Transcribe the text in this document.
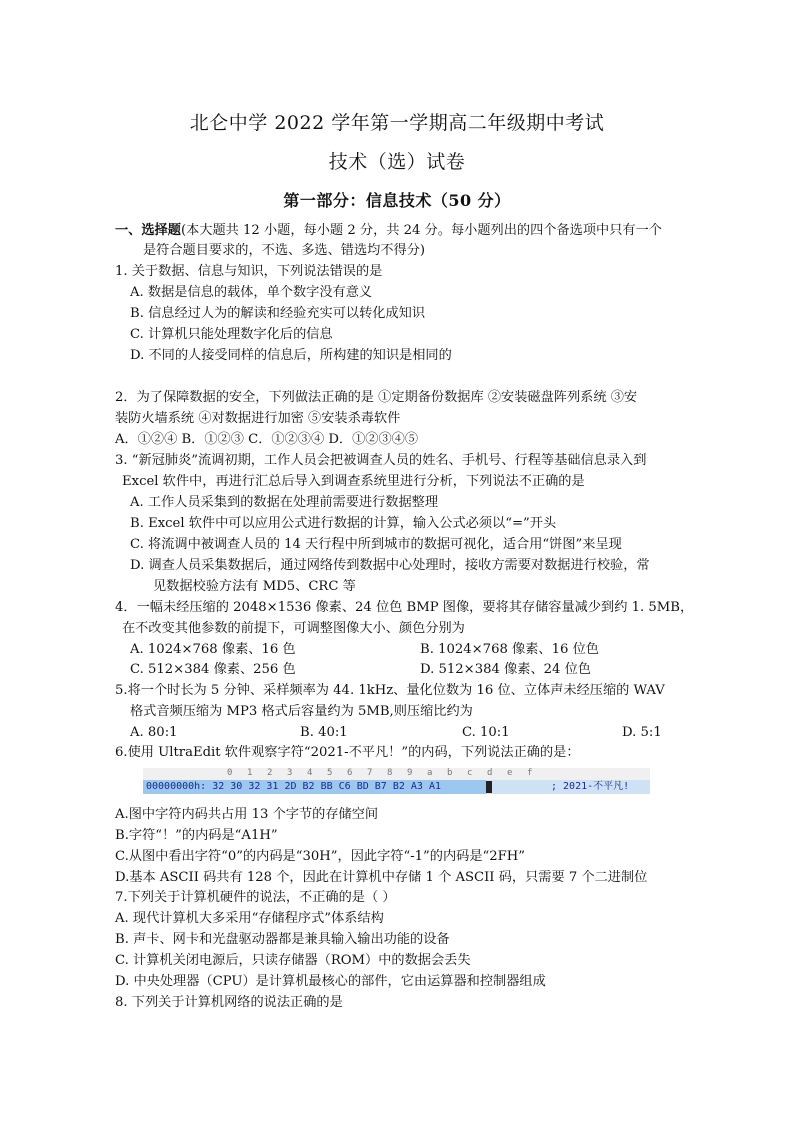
北仑中学 2022 学年第一学期高二年级期中考试
技术（选）试卷
第一部分：信息技术（50 分）
一、选择题(本大题共 12 小题，每小题 2 分，共 24 分。每小题列出的四个备选项中只有一个
是符合题目要求的，不选、多选、错选均不得分)
1. 关于数据、信息与知识，下列说法错误的是
A. 数据是信息的载体，单个数字没有意义
B. 信息经过人为的解读和经验充实可以转化成知识
C. 计算机只能处理数字化后的信息
D. 不同的人接受同样的信息后，所构建的知识是相同的
2．为了保障数据的安全，下列做法正确的是 ①定期备份数据库 ②安装磁盘阵列系统 ③安
装防火墙系统 ④对数据进行加密 ⑤安装杀毒软件
A．①②④ B．①②③ C．①②③④ D．①②③④⑤
3. “新冠肺炎”流调初期，工作人员会把被调查人员的姓名、手机号、行程等基础信息录入到
Excel 软件中，再进行汇总后导入到调查系统里进行分析，下列说法不正确的是
A. 工作人员采集到的数据在处理前需要进行数据整理
B. Excel 软件中可以应用公式进行数据的计算，输入公式必须以“=”开头
C. 将流调中被调查人员的 14 天行程中所到城市的数据可视化，适合用“饼图”来呈现
D. 调查人员采集数据后，通过网络传到数据中心处理时，接收方需要对数据进行校验，常
见数据校验方法有 MD5、CRC 等
4．一幅未经压缩的 2048×1536 像素、24 位色 BMP 图像，要将其存储容量减少到约 1. 5MB，
在不改变其他参数的前提下，可调整图像大小、颜色分别为
A. 1024×768 像素、16 色	B. 1024×768 像素、16 位色
C. 512×384 像素、256 色	D. 512×384 像素、24 位色
5.将一个时长为 5 分钟、采样频率为 44. 1kHz、量化位数为 16 位、立体声未经压缩的 WAV
格式音频压缩为 MP3 格式后容量约为 5MB,则压缩比约为
A. 80:1	B. 40:1	C. 10:1	D. 5:1
6.使用 UltraEdit 软件观察字符“2021-不平凡！”的内码，下列说法正确的是：
0 1 2 3 4 5 6 7 8 9 a b c d e f
00000000h: 32 30 32 31 2D B2 BB C6 BD B7 B2 A3 A1	; 2021-不平凡!
A.图中字符内码共占用 13 个字节的存储空间
B.字符“！”的内码是“A1H”
C.从图中看出字符“0”的内码是“30H”，因此字符“-1”的内码是“2FH”
D.基本 ASCII 码共有 128 个，因此在计算机中存储 1 个 ASCII 码，只需要 7 个二进制位
7.下列关于计算机硬件的说法，不正确的是（ ）
A. 现代计算机大多采用“存储程序式”体系结构
B. 声卡、网卡和光盘驱动器都是兼具输入输出功能的设备
C. 计算机关闭电源后，只读存储器（ROM）中的数据会丢失
D. 中央处理器（CPU）是计算机最核心的部件，它由运算器和控制器组成
8. 下列关于计算机网络的说法正确的是
